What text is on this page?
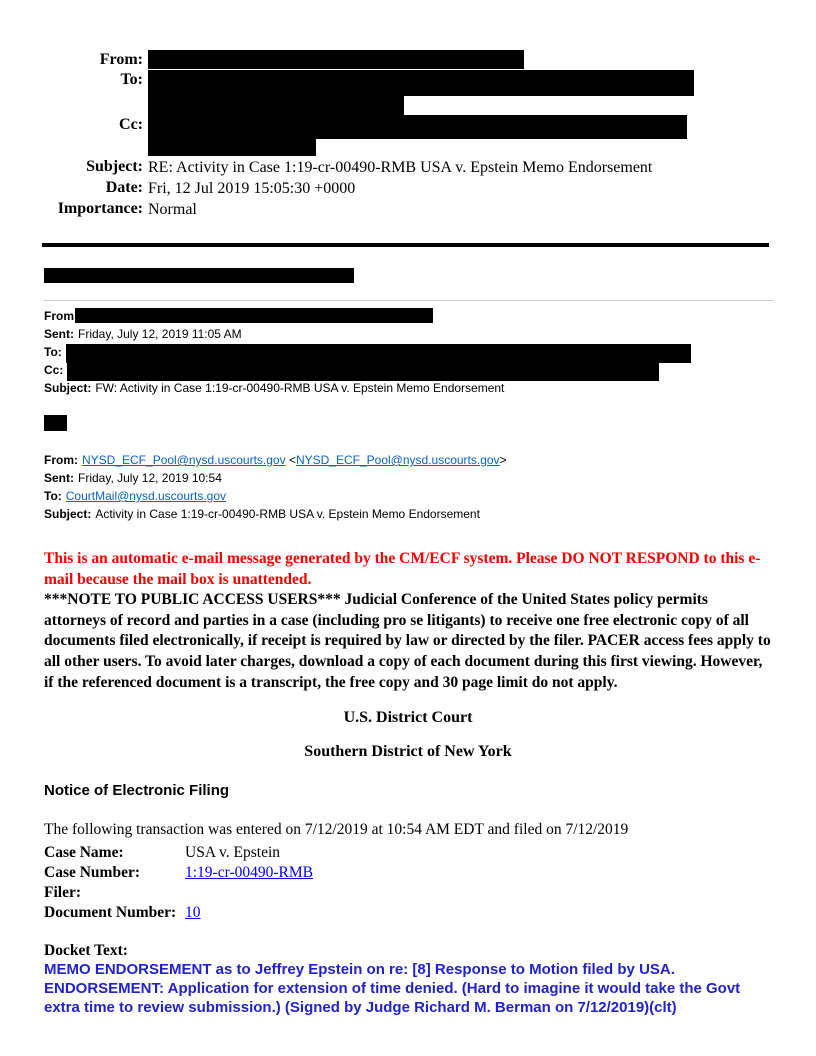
From:
To:
Cc:
Subject: RE: Activity in Case 1:19-cr-00490-RMB USA v. Epstein Memo Endorsement
Date: Fri, 12 Jul 2019 15:05:30 +0000
Importance: Normal
From
Sent: Friday, July 12, 2019 11:05 AM
To:
Cc:
Subject: FW: Activity in Case 1:19-cr-00490-RMB USA v. Epstein Memo Endorsement
From: NYSD_ECF_Pool@nysd.uscourts.gov <NYSD_ECF_Pool@nysd.uscourts.gov>
Sent: Friday, July 12, 2019 10:54
To: CourtMail@nysd.uscourts.gov
Subject: Activity in Case 1:19-cr-00490-RMB USA v. Epstein Memo Endorsement

This is an automatic e-mail message generated by the CM/ECF system. Please DO NOT RESPOND to this e-mail because the mail box is unattended.

***NOTE TO PUBLIC ACCESS USERS*** Judicial Conference of the United States policy permits attorneys of record and parties in a case (including pro se litigants) to receive one free electronic copy of all documents filed electronically, if receipt is required by law or directed by the filer. PACER access fees apply to all other users. To avoid later charges, download a copy of each document during this first viewing. However, if the referenced document is a transcript, the free copy and 30 page limit do not apply.

U.S. District Court
Southern District of New York
Notice of Electronic Filing
The following transaction was entered on 7/12/2019 at 10:54 AM EDT and filed on 7/12/2019
Case Name:	USA v. Epstein
Case Number:	1:19-cr-00490-RMB
Filer:	
Document Number:	10
Docket Text:
MEMO ENDORSEMENT as to Jeffrey Epstein on re: [8] Response to Motion filed by USA. ENDORSEMENT: Application for extension of time denied. (Hard to imagine it would take the Govt extra time to review submission.) (Signed by Judge Richard M. Berman on 7/12/2019)(clt)
